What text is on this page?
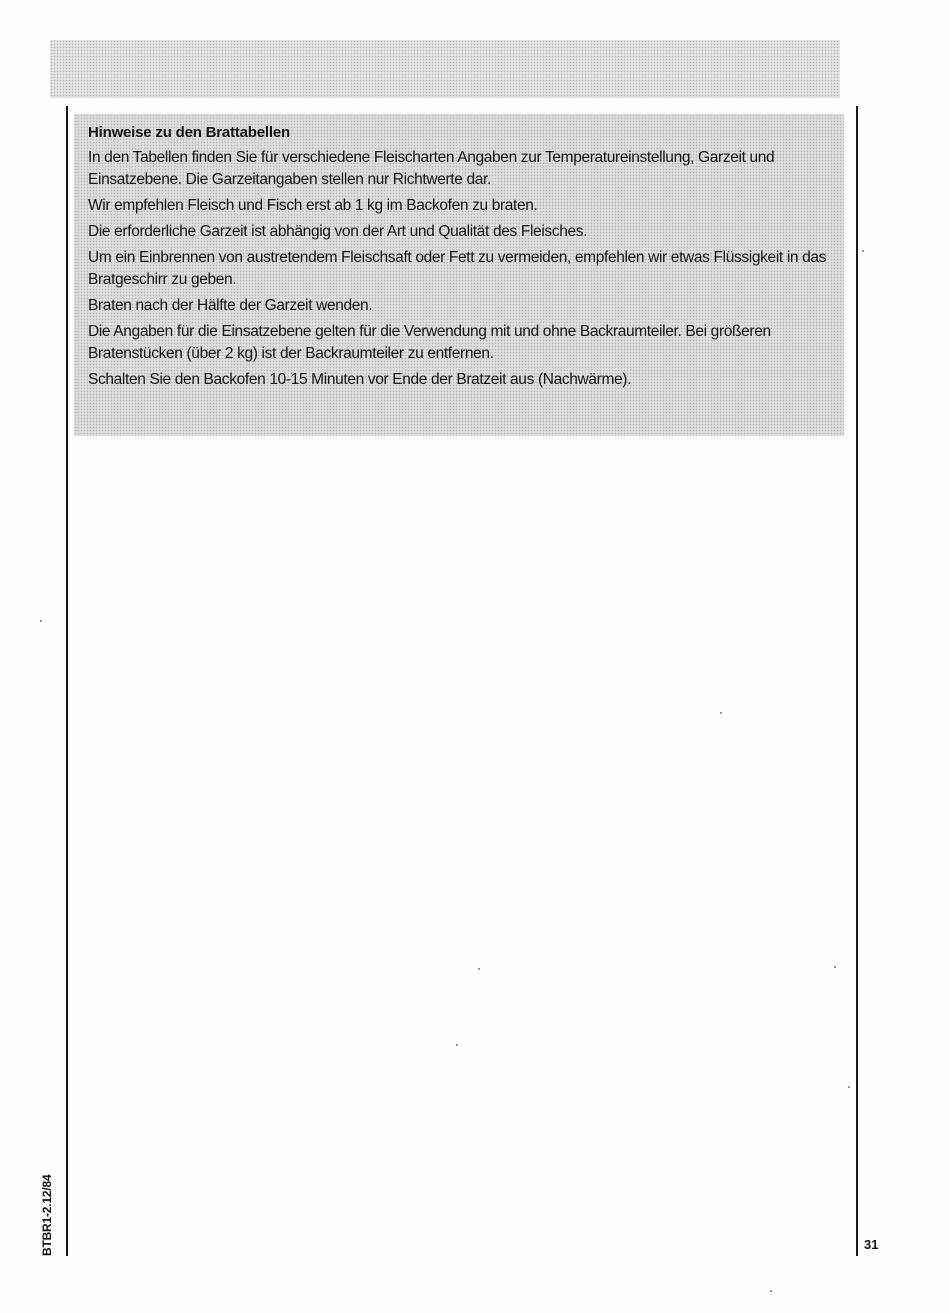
Hinweise zu den Brattabellen

In den Tabellen finden Sie für verschiedene Fleischarten Angaben zur Temperatureinstellung, Garzeit und Einsatzebene. Die Garzeitangaben stellen nur Richtwerte dar.

Wir empfehlen Fleisch und Fisch erst ab 1 kg im Backofen zu braten.

Die erforderliche Garzeit ist abhängig von der Art und Qualität des Fleisches.

Um ein Einbrennen von austretendem Fleischsaft oder Fett zu vermeiden, empfehlen wir etwas Flüssigkeit in das Bratgeschirr zu geben.

Braten nach der Hälfte der Garzeit wenden.

Die Angaben für die Einsatzebene gelten für die Verwendung mit und ohne Backraumteiler. Bei größeren Bratenstücken (über 2 kg) ist der Backraumteiler zu entfernen.

Schalten Sie den Backofen 10-15 Minuten vor Ende der Bratzeit aus (Nachwärme).

BTBR1-2.12/84	31
